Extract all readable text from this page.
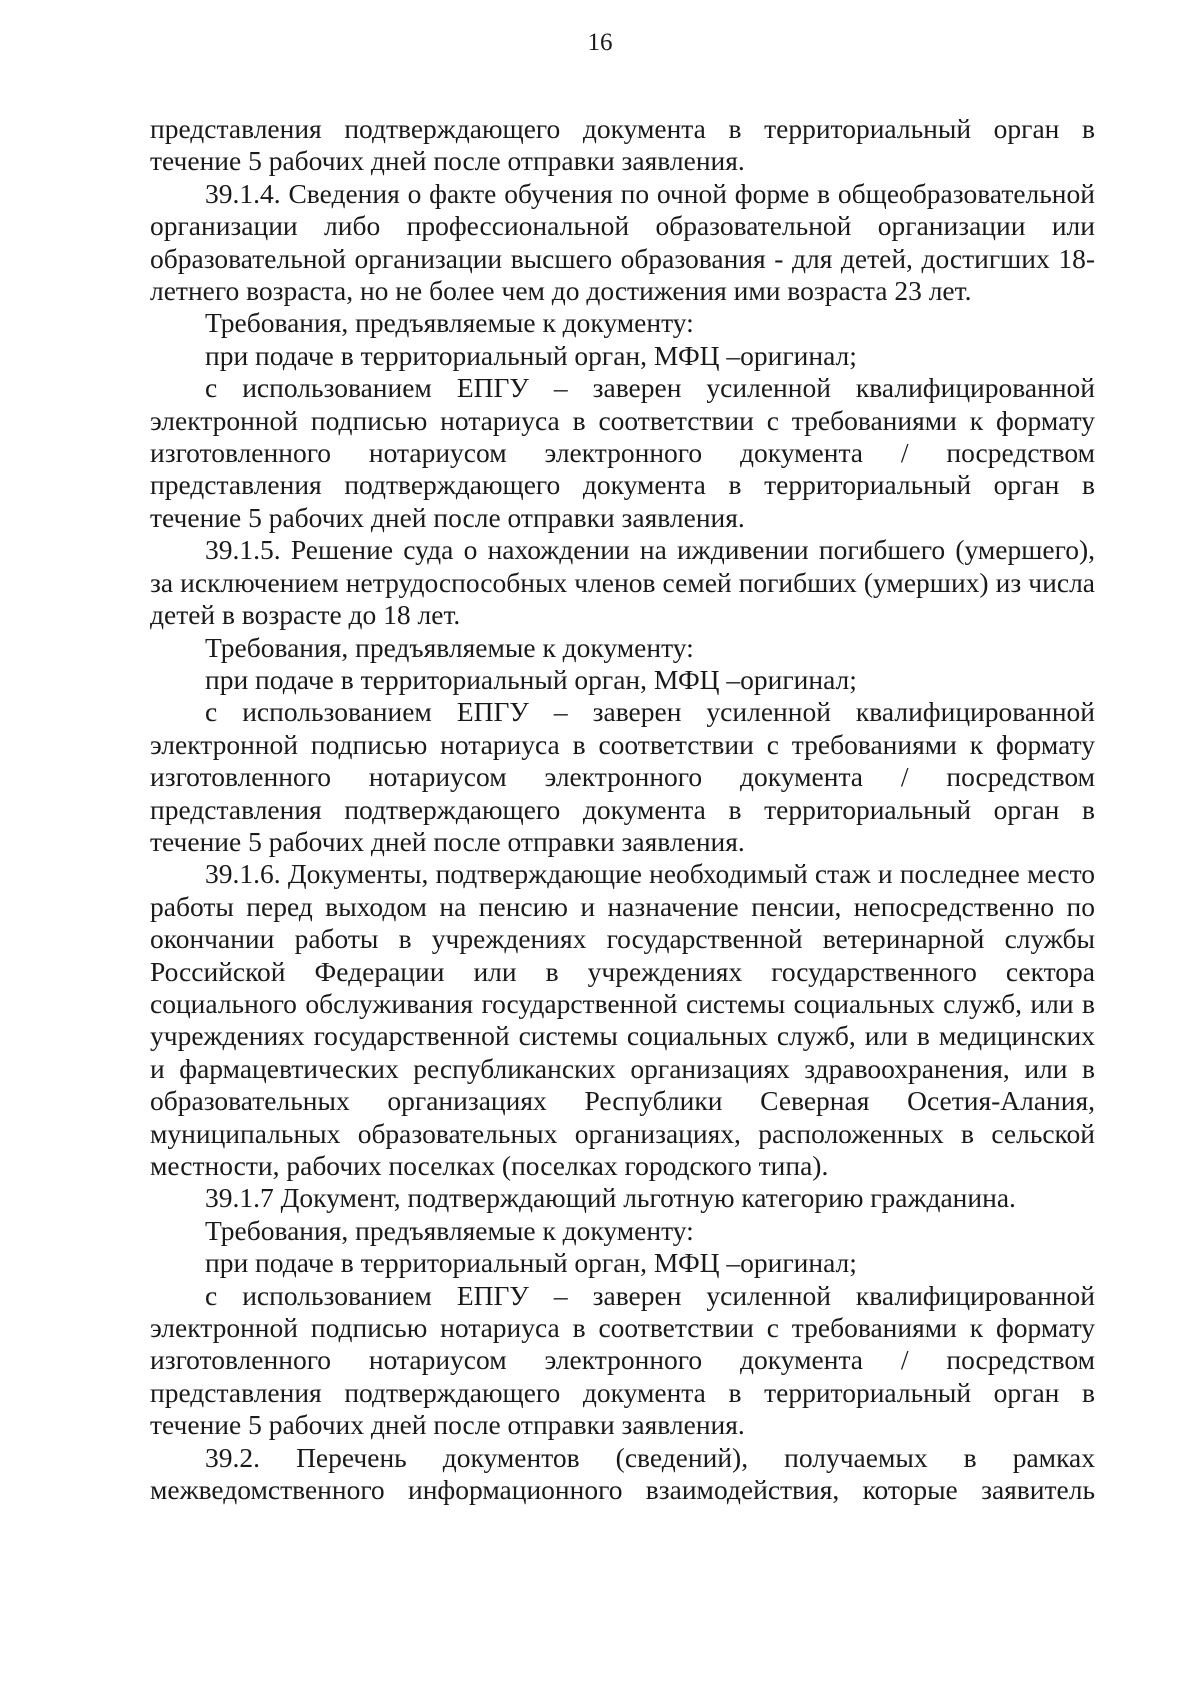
16

представления подтверждающего документа в территориальный орган в течение 5 рабочих дней после отправки заявления.

39.1.4. Сведения о факте обучения по очной форме в общеобразовательной организации либо профессиональной образовательной организации или образовательной организации высшего образования - для детей, достигших 18-летнего возраста, но не более чем до достижения ими возраста 23 лет.

Требования, предъявляемые к документу:

при подаче в территориальный орган, МФЦ –оригинал;

с использованием ЕПГУ – заверен усиленной квалифицированной электронной подписью нотариуса в соответствии с требованиями к формату изготовленного нотариусом электронного документа / посредством представления подтверждающего документа в территориальный орган в течение 5 рабочих дней после отправки заявления.

39.1.5. Решение суда о нахождении на иждивении погибшего (умершего), за исключением нетрудоспособных членов семей погибших (умерших) из числа детей в возрасте до 18 лет.

Требования, предъявляемые к документу:

при подаче в территориальный орган, МФЦ –оригинал;

с использованием ЕПГУ – заверен усиленной квалифицированной электронной подписью нотариуса в соответствии с требованиями к формату изготовленного нотариусом электронного документа / посредством представления подтверждающего документа в территориальный орган в течение 5 рабочих дней после отправки заявления.

39.1.6. Документы, подтверждающие необходимый стаж и последнее место работы перед выходом на пенсию и назначение пенсии, непосредственно по окончании работы в учреждениях государственной ветеринарной службы Российской Федерации или в учреждениях государственного сектора социального обслуживания государственной системы социальных служб, или в учреждениях государственной системы социальных служб, или в медицинских и фармацевтических республиканских организациях здравоохранения, или в образовательных организациях Республики Северная Осетия-Алания, муниципальных образовательных организациях, расположенных в сельской местности, рабочих поселках (поселках городского типа).

39.1.7 Документ, подтверждающий льготную категорию гражданина.

Требования, предъявляемые к документу:

при подаче в территориальный орган, МФЦ –оригинал;

с использованием ЕПГУ – заверен усиленной квалифицированной электронной подписью нотариуса в соответствии с требованиями к формату изготовленного нотариусом электронного документа / посредством представления подтверждающего документа в территориальный орган в течение 5 рабочих дней после отправки заявления.

39.2. Перечень документов (сведений), получаемых в рамках межведомственного информационного взаимодействия, которые заявитель
